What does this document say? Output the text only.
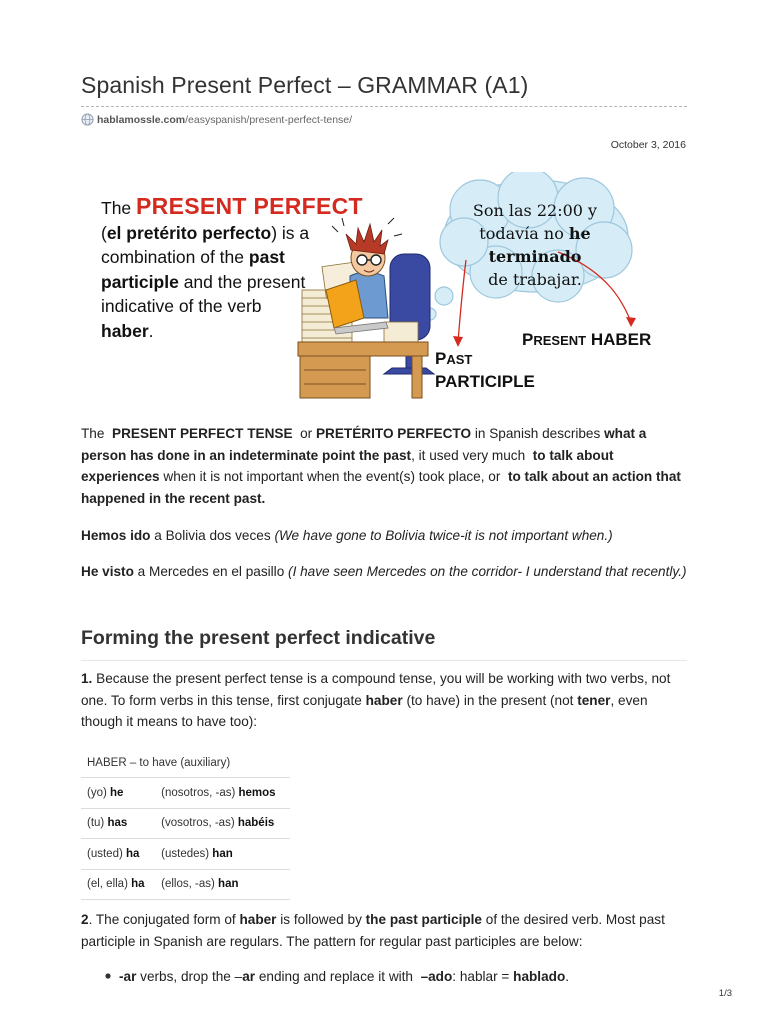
Spanish Present Perfect – GRAMMAR (A1)
hablamossle.com/easyspanish/present-perfect-tense/
October 3, 2016
The PRESENT PERFECT
(el pretérito perfecto) is a
combination of the past
participle and the present
indicative of the verb
haber.
Son las 22:00 y
todavía no he
terminado
de trabajar.
PRESENT HABER
PAST
PARTICIPLE

The PRESENT PERFECT TENSE or PRETÉRITO PERFECTO in Spanish describes what a person has done in an indeterminate point the past, it used very much to talk about experiences when it is not important when the event(s) took place, or to talk about an action that happened in the recent past.

Hemos ido a Bolivia dos veces (We have gone to Bolivia twice-it is not important when.)

He visto a Mercedes en el pasillo (I have seen Mercedes on the corridor- I understand that recently.)

Forming the present perfect indicative

1. Because the present perfect tense is a compound tense, you will be working with two verbs, not one. To form verbs in this tense, first conjugate haber (to have) in the present (not tener, even though it means to have too):

HABER – to have (auxiliary)	
(yo) he	(nosotros, -as) hemos
(tu) has	(vosotros, -as) habéis
(usted) ha	(ustedes) han
(el, ella) ha	(ellos, -as) han

2. The conjugated form of haber is followed by the past participle of the desired verb. Most past participle in Spanish are regulars. The pattern for regular past participles are below:

-ar verbs, drop the –ar ending and replace it with –ado: hablar = hablado.

1/3
